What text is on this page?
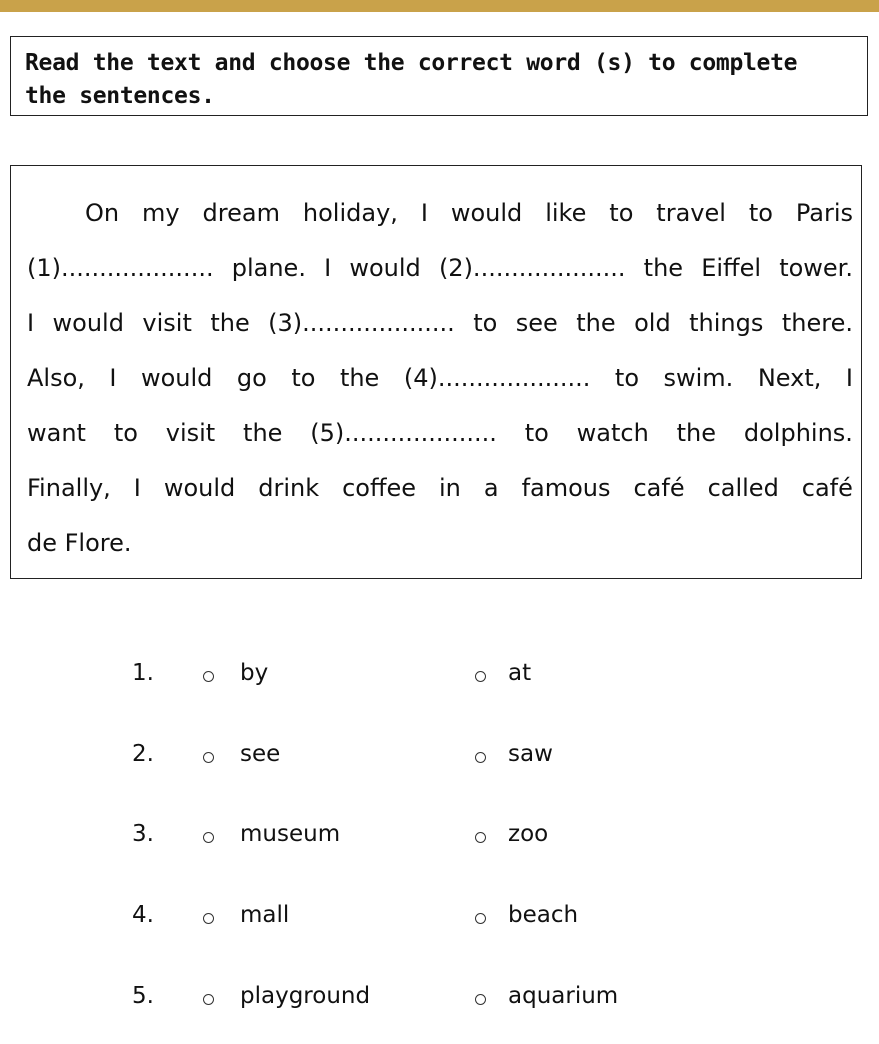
Read the text and choose the correct word (s) to complete
the sentences.
On my dream holiday, I would like to travel to Paris
(1).................... plane. I would (2).................... the Eiffel tower.
I would visit the (3).................... to see the old things there.
Also, I would go to the (4).................... to swim. Next, I
want to visit the (5).................... to watch the dolphins.
Finally, I would drink coffee in a famous café called café
de Flore.
1.	by	at
2.	see	saw
3.	museum	zoo
4.	mall	beach
5.	playground	aquarium
